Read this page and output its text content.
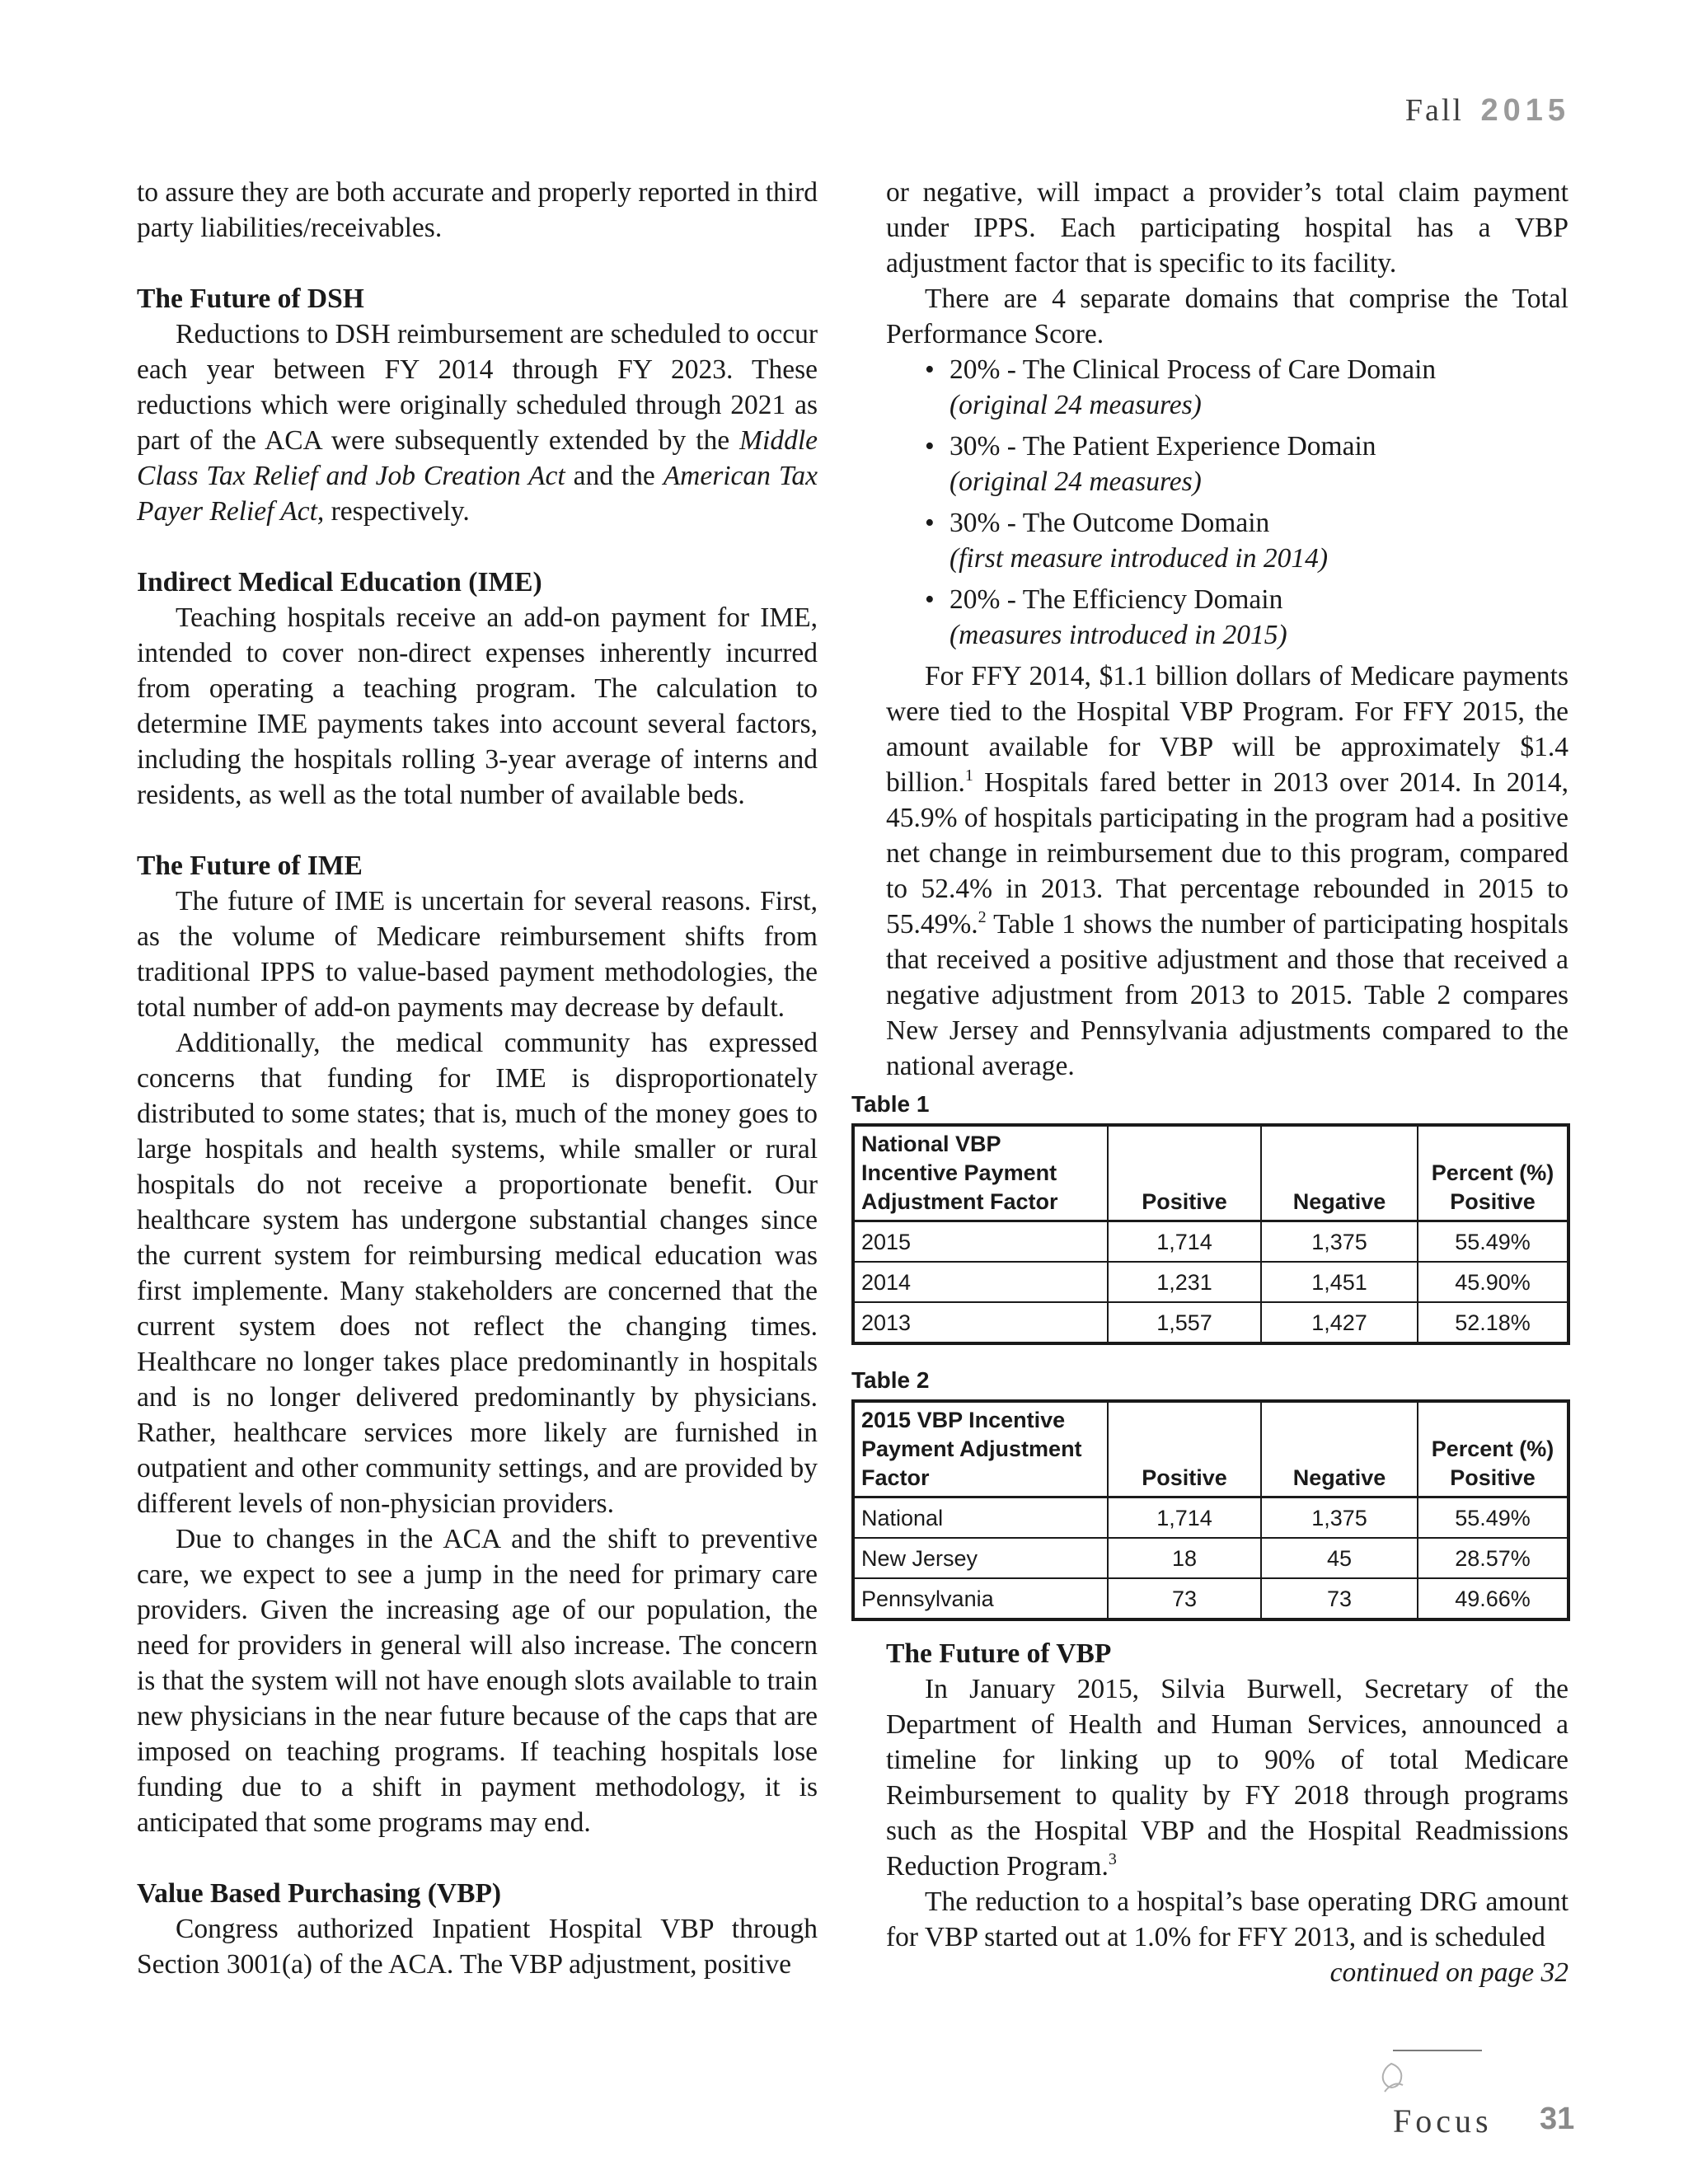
Fall 2015

to assure they are both accurate and properly reported in third party liabilities/receivables.

The Future of DSH

Reductions to DSH reimbursement are scheduled to occur each year between FY 2014 through FY 2023. These reductions which were originally scheduled through 2021 as part of the ACA were subsequently extended by the Middle Class Tax Relief and Job Creation Act and the American Tax Payer Relief Act, respectively.

Indirect Medical Education (IME)

Teaching hospitals receive an add-on payment for IME, intended to cover non-direct expenses inherently incurred from operating a teaching program. The calculation to determine IME payments takes into account several factors, including the hospitals rolling 3-year average of interns and residents, as well as the total number of available beds.

The Future of IME

The future of IME is uncertain for several reasons. First, as the volume of Medicare reimbursement shifts from traditional IPPS to value-based payment methodologies, the total number of add-on payments may decrease by default.

Additionally, the medical community has expressed concerns that funding for IME is disproportionately distributed to some states; that is, much of the money goes to large hospitals and health systems, while smaller or rural hospitals do not receive a proportionate benefit. Our healthcare system has undergone substantial changes since the current system for reimbursing medical education was first implemente. Many stakeholders are concerned that the current system does not reflect the changing times. Healthcare no longer takes place predominantly in hospitals and is no longer delivered predominantly by physicians. Rather, healthcare services more likely are furnished in outpatient and other community settings, and are provided by different levels of non-physician providers.

Due to changes in the ACA and the shift to preventive care, we expect to see a jump in the need for primary care providers. Given the increasing age of our population, the need for providers in general will also increase. The concern is that the system will not have enough slots available to train new physicians in the near future because of the caps that are imposed on teaching programs. If teaching hospitals lose funding due to a shift in payment methodology, it is anticipated that some programs may end.

Value Based Purchasing (VBP)

Congress authorized Inpatient Hospital VBP through Section 3001(a) of the ACA. The VBP adjustment, positive

or negative, will impact a provider’s total claim payment under IPPS. Each participating hospital has a VBP adjustment factor that is specific to its facility.

There are 4 separate domains that comprise the Total Performance Score.

• 20% - The Clinical Process of Care Domain
(original 24 measures)
• 30% - The Patient Experience Domain
(original 24 measures)
• 30% - The Outcome Domain
(first measure introduced in 2014)
• 20% - The Efficiency Domain
(measures introduced in 2015)

For FFY 2014, $1.1 billion dollars of Medicare payments were tied to the Hospital VBP Program. For FFY 2015, the amount available for VBP will be approximately $1.4 billion.$^1$ Hospitals fared better in 2013 over 2014. In 2014, 45.9% of hospitals participating in the program had a positive net change in reimbursement due to this program, compared to 52.4% in 2013. That percentage rebounded in 2015 to 55.49%.$^2$ Table 1 shows the number of participating hospitals that received a positive adjustment and those that received a negative adjustment from 2013 to 2015. Table 2 compares New Jersey and Pennsylvania adjustments compared to the national average.

Table 1
National VBP Incentive Payment Adjustment Factor	Positive	Negative	Percent (%) Positive
2015	1,714	1,375	55.49%
2014	1,231	1,451	45.90%
2013	1,557	1,427	52.18%
Table 2
2015 VBP Incentive Payment Adjustment Factor	Positive	Negative	Percent (%) Positive
National	1,714	1,375	55.49%
New Jersey	18	45	28.57%
Pennsylvania	73	73	49.66%
The Future of VBP

In January 2015, Silvia Burwell, Secretary of the Department of Health and Human Services, announced a timeline for linking up to 90% of total Medicare Reimbursement to quality by FY 2018 through programs such as the Hospital VBP and the Hospital Readmissions Reduction Program.$^3$

The reduction to a hospital’s base operating DRG amount for VBP started out at 1.0% for FFY 2013, and is scheduled

continued on page 32

Focus 31
